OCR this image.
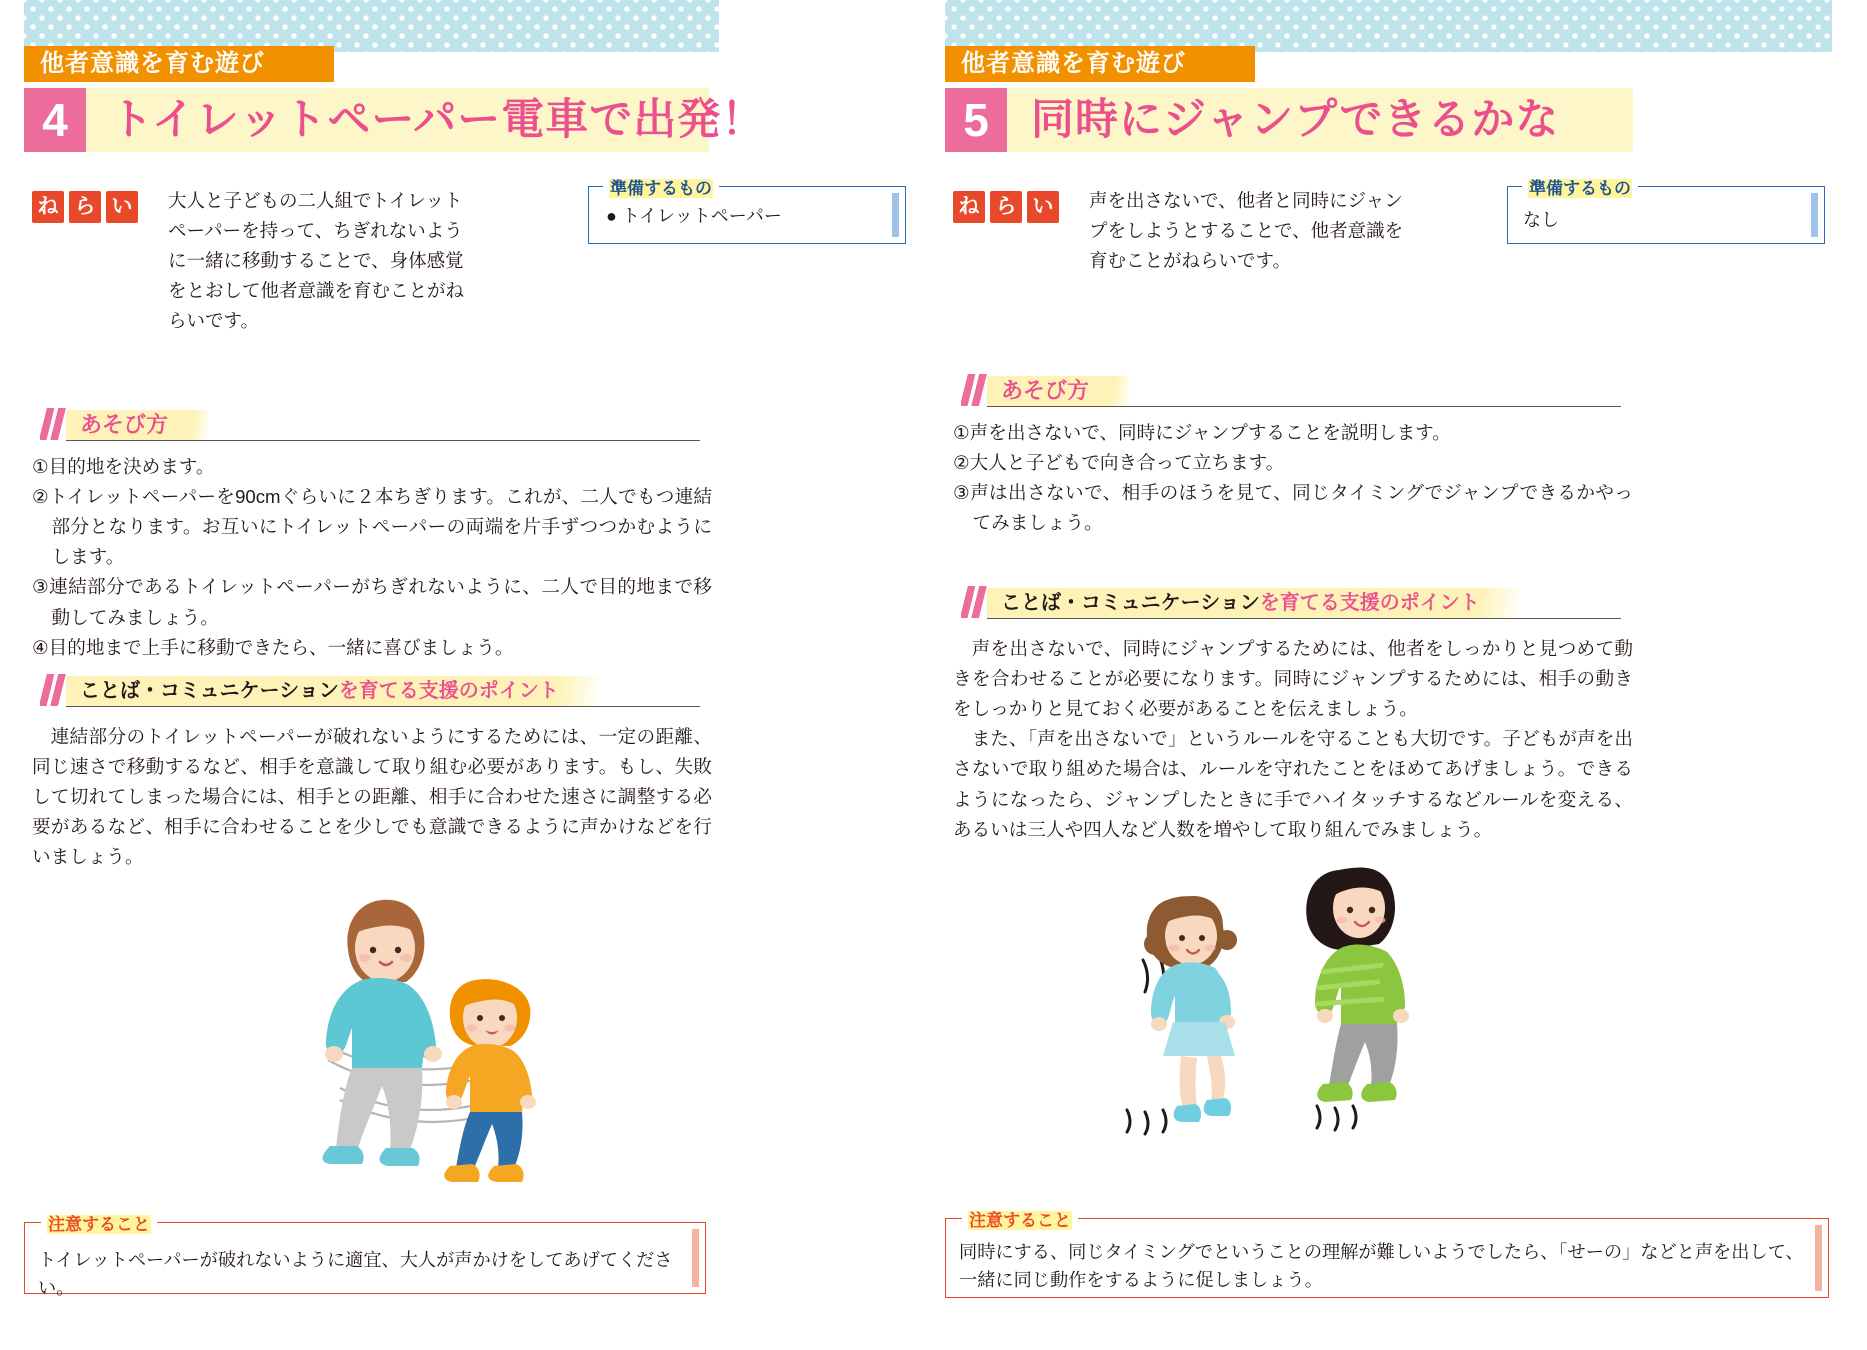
他者意識を育む遊び
4 トイレットペーパー電車で出発！
ね ら い 大人と子どもの二人組でトイレットペーパーを持って、ちぎれないように一緒に移動することで、身体感覚をとおして他者意識を育むことがねらいです。
準備するもの
● トイレットペーパー
あそび方
①目的地を決めます。
②トイレットペーパーを90cmぐらいに２本ちぎります。これが、二人でもつ連結部分となります。お互いにトイレットペーパーの両端を片手ずつつかむようにします。
③連結部分であるトイレットペーパーがちぎれないように、二人で目的地まで移動してみましょう。
④目的地まで上手に移動できたら、一緒に喜びましょう。
ことば・コミュニケーションを育てる支援のポイント

連結部分のトイレットペーパーが破れないようにするためには、一定の距離、同じ速さで移動するなど、相手を意識して取り組む必要があります。もし、失敗して切れてしまった場合には、相手との距離、相手に合わせた速さに調整する必要があるなど、相手に合わせることを少しでも意識できるように声かけなどを行いましょう。

注意すること
トイレットペーパーが破れないように適宜、大人が声かけをしてあげてください。
他者意識を育む遊び
5 同時にジャンプできるかな
ね ら い 声を出さないで、他者と同時にジャンプをしようとすることで、他者意識を育むことがねらいです。
準備するもの
なし
あそび方
①声を出さないで、同時にジャンプすることを説明します。
②大人と子どもで向き合って立ちます。
③声は出さないで、相手のほうを見て、同じタイミングでジャンプできるかやってみましょう。
ことば・コミュニケーションを育てる支援のポイント

声を出さないで、同時にジャンプするためには、他者をしっかりと見つめて動きを合わせることが必要になります。同時にジャンプするためには、相手の動きをしっかりと見ておく必要があることを伝えましょう。

また、「声を出さないで」というルールを守ることも大切です。子どもが声を出さないで取り組めた場合は、ルールを守れたことをほめてあげましょう。できるようになったら、ジャンプしたときに手でハイタッチするなどルールを変える、あるいは三人や四人など人数を増やして取り組んでみましょう。

注意すること
同時にする、同じタイミングでということの理解が難しいようでしたら、「せーの」などと声を出して、一緒に同じ動作をするように促しましょう。
